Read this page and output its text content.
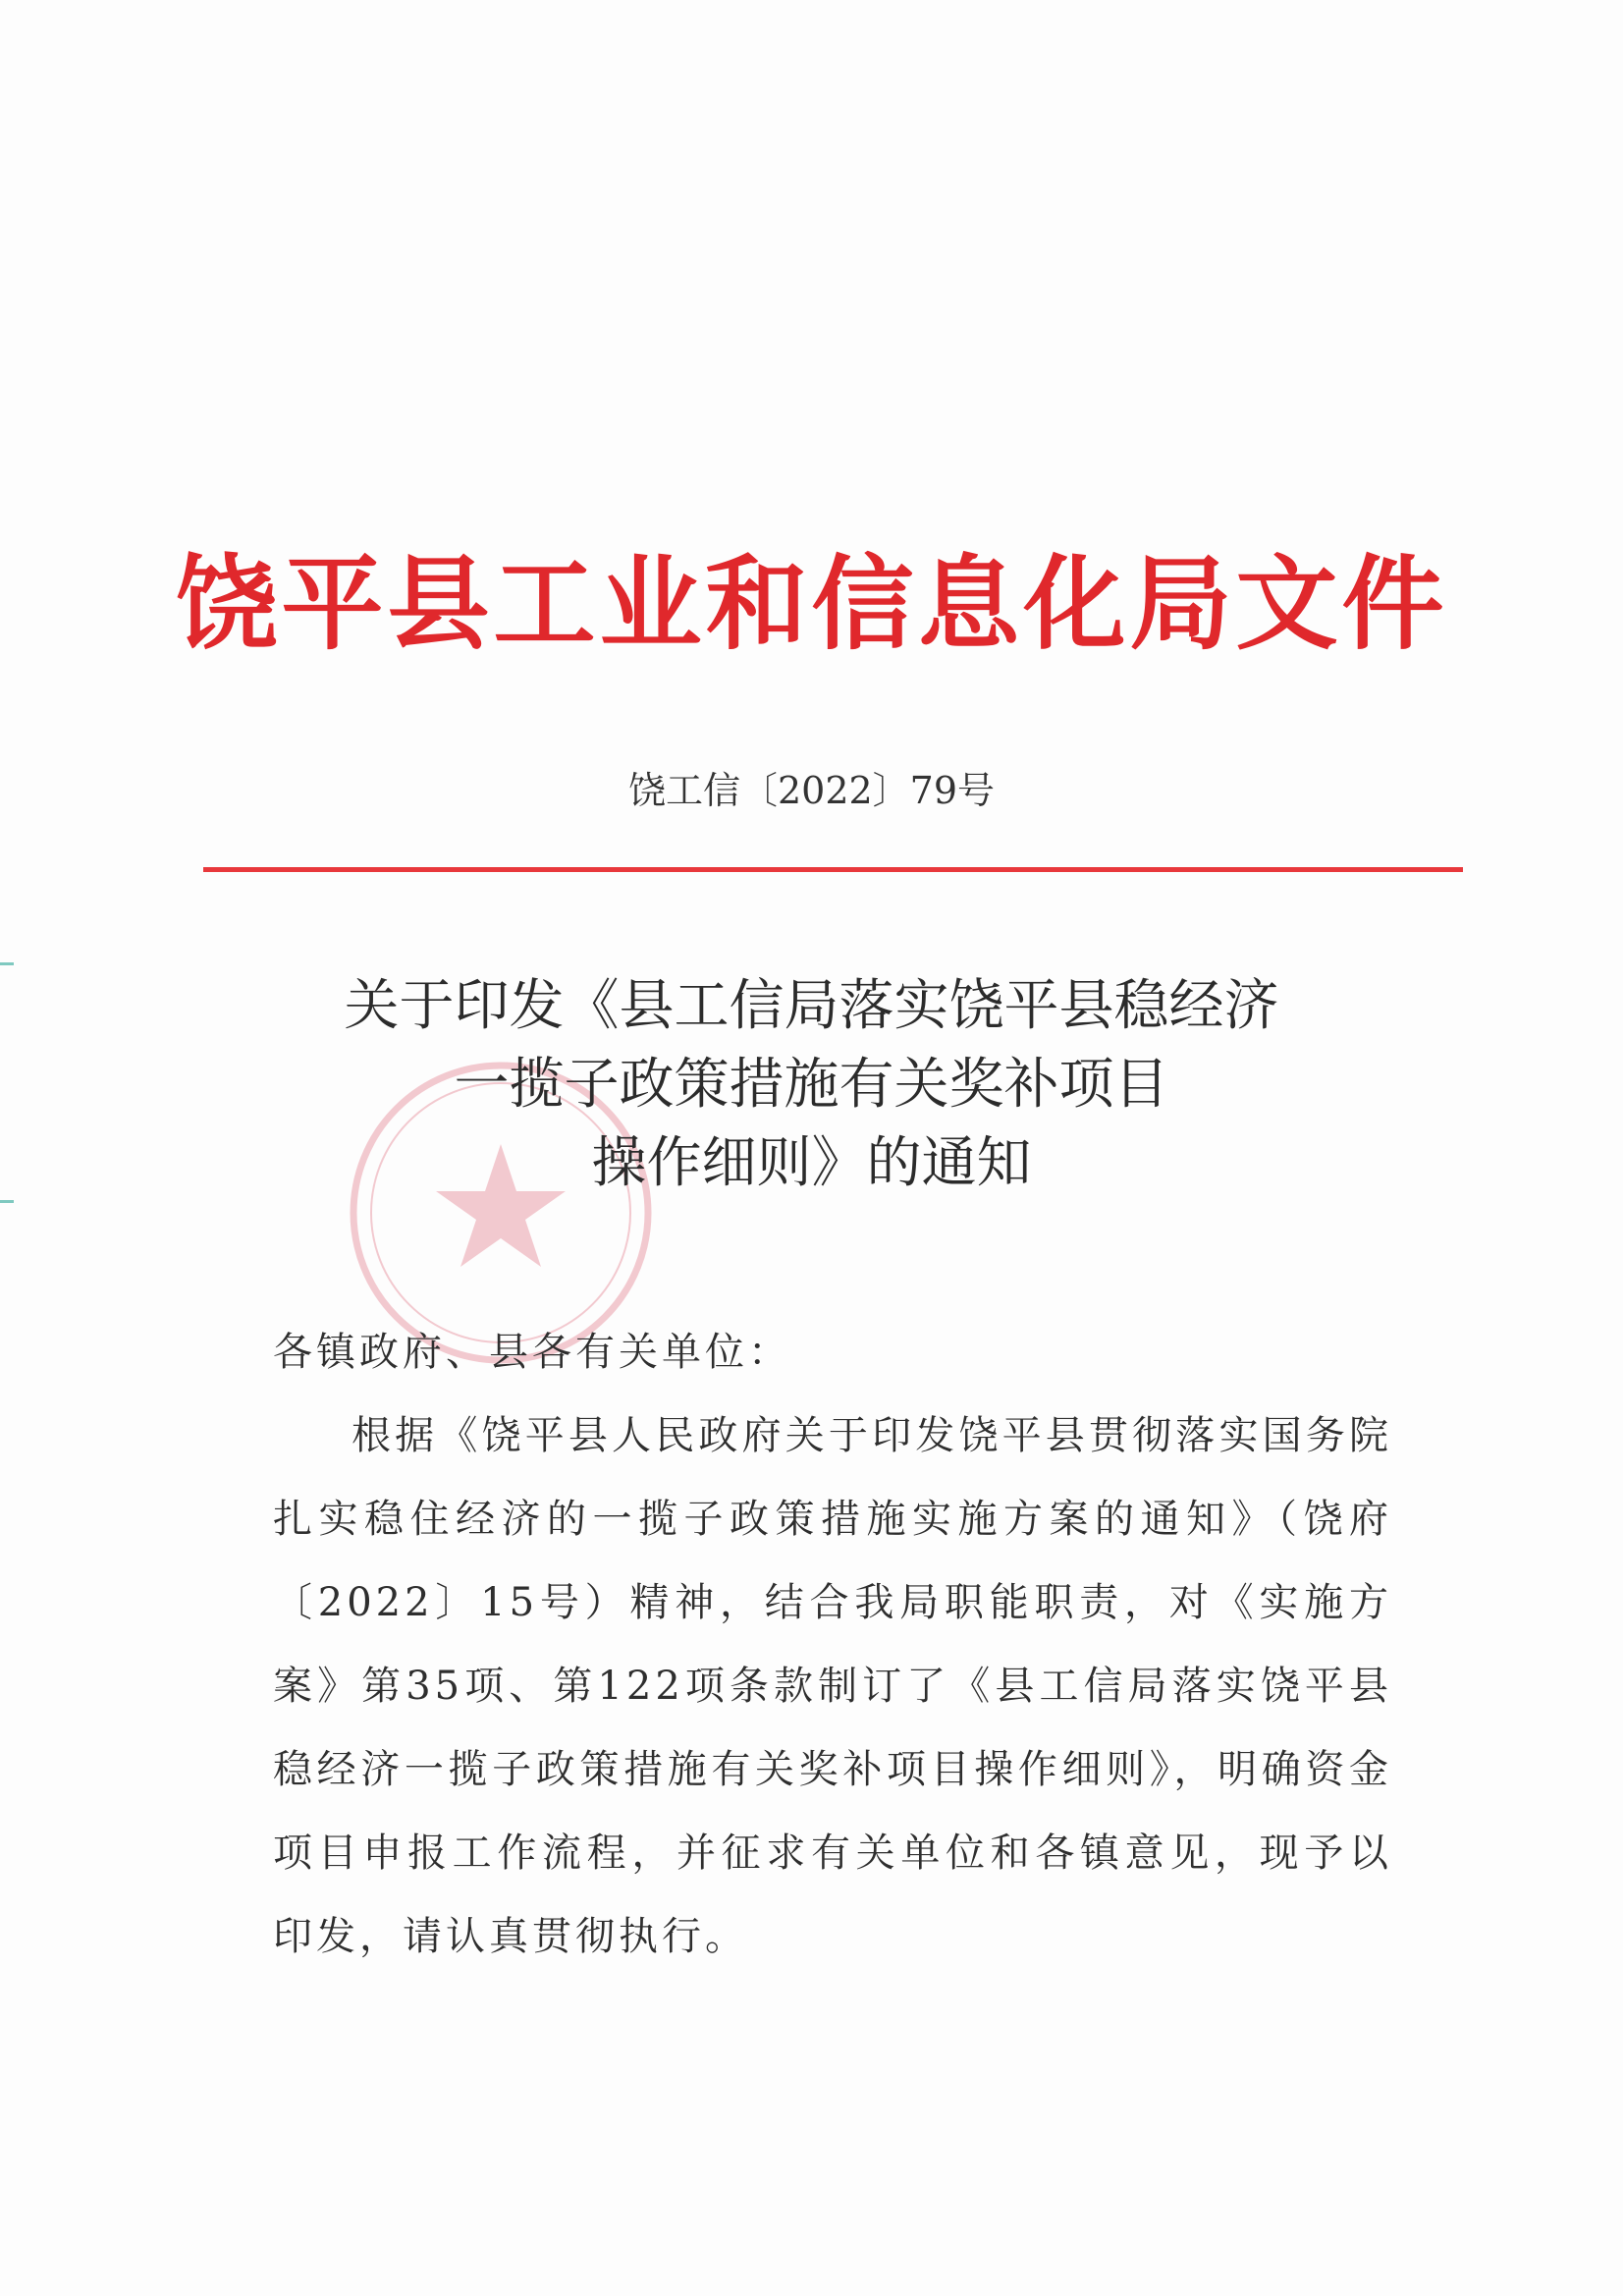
饶平县工业和信息化局文件
饶工信〔2022〕79号
关于印发《县工信局落实饶平县稳经济
一揽子政策措施有关奖补项目
操作细则》的通知
各镇政府、县各有关单位：
根据《饶平县人民政府关于印发饶平县贯彻落实国务院扎实稳住经济的一揽子政策措施实施方案的通知》（饶府〔2022〕15号）精神，结合我局职能职责，对《实施方案》第35项、第122项条款制订了《县工信局落实饶平县稳经济一揽子政策措施有关奖补项目操作细则》，明确资金项目申报工作流程，并征求有关单位和各镇意见，现予以印发，请认真贯彻执行。
